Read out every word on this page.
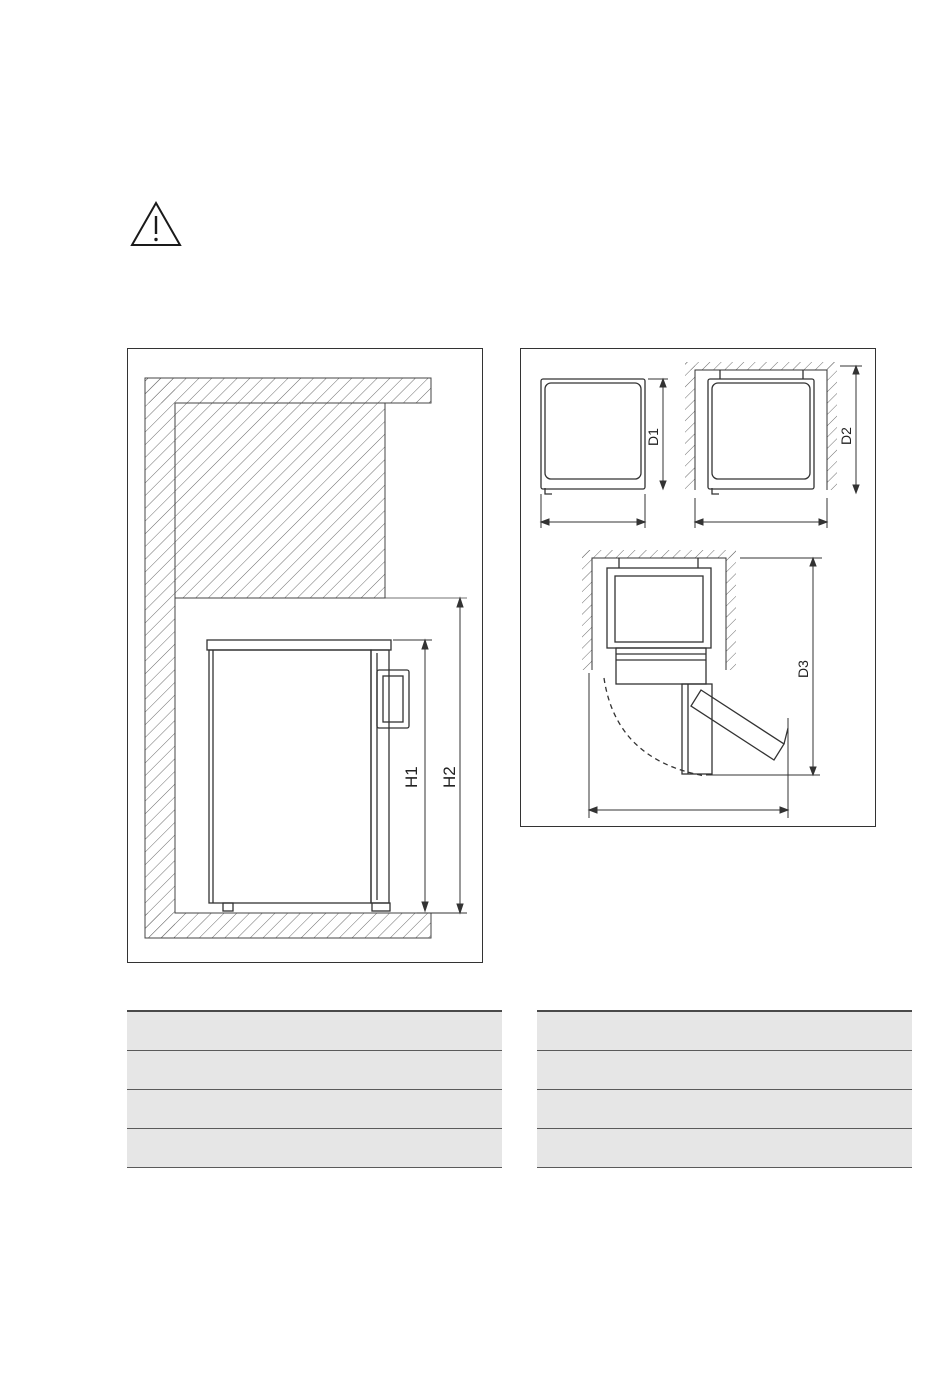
H1 H2
D1	D2
D3
